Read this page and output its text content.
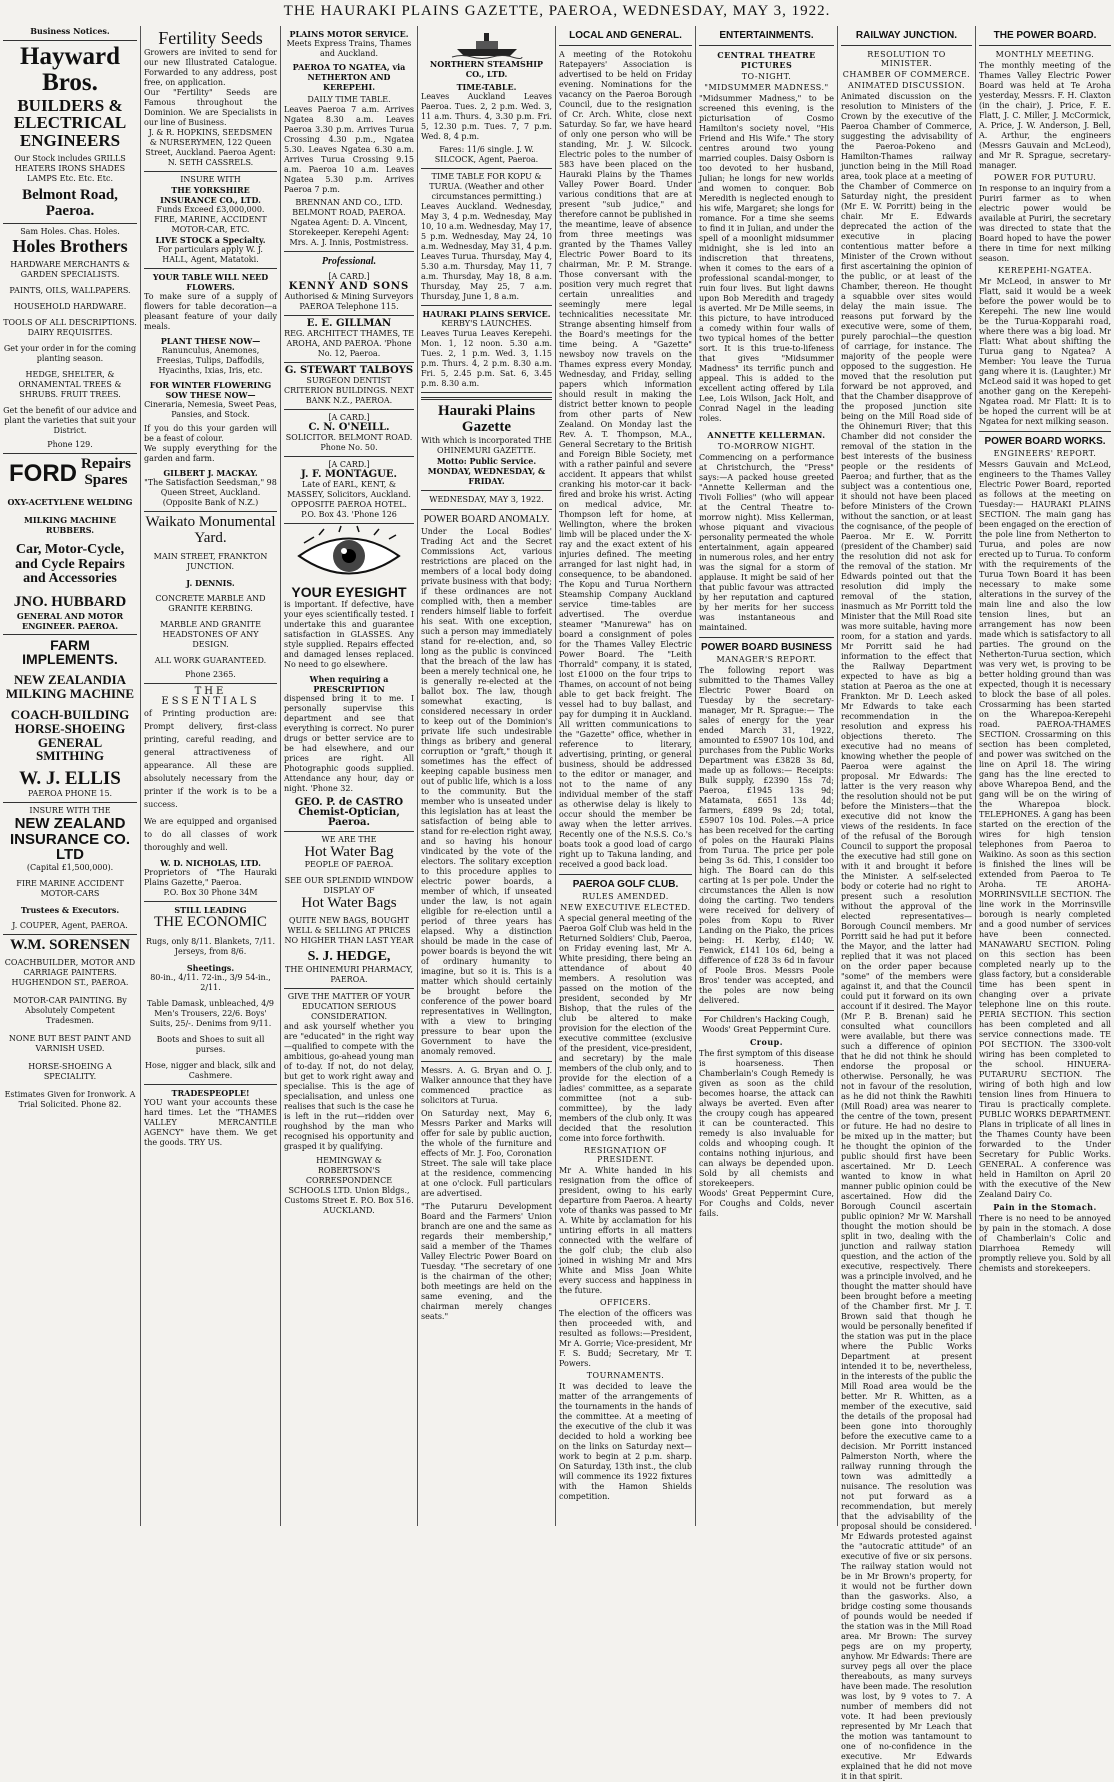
THE HAURAKI PLAINS GAZETTE, PAEROA, WEDNESDAY, MAY 3, 1922.
Business Notices.
Hayward Bros.
BUILDERS &
ELECTRICAL
ENGINEERS
Our Stock includes GRILLS HEATERS IRONS SHADES LAMPS Etc. Etc. Etc.
Belmont Road, Paeroa.
Sam Holes. Chas. Holes.
Holes Brothers
HARDWARE MERCHANTS & GARDEN SPECIALISTS.
PAINTS, OILS, WALLPAPERS.
HOUSEHOLD HARDWARE.
TOOLS OF ALL DESCRIPTIONS. DAIRY REQUISITES.
Get your order in for the coming planting season.
HEDGE, SHELTER, & ORNAMENTAL TREES & SHRUBS. FRUIT TREES.
Get the benefit of our advice and plant the varieties that suit your District.
Phone 129.
FORD Repairs
Spares
OXY-ACETYLENE WELDING
MILKING MACHINE RUBBERS.
Car, Motor-Cycle, and Cycle Repairs and Accessories
JNO. HUBBARD
GENERAL AND MOTOR ENGINEER. PAEROA.
FARM IMPLEMENTS.
NEW ZEALANDIA MILKING MACHINE
COACH-BUILDING HORSE-SHOEING GENERAL SMITHING
W. J. ELLIS
PAEROA PHONE 15.
INSURE WITH THE
NEW ZEALAND INSURANCE CO. LTD
(Capital £1,500,000).
FIRE MARINE ACCIDENT MOTOR-CARS
Trustees & Executors.
J. COUPER, Agent, PAEROA.
W.M. SORENSEN
COACHBUILDER, MOTOR AND CARRIAGE PAINTERS. HUGHENDON ST., PAEROA.
MOTOR-CAR PAINTING. By Absolutely Competent Tradesmen.
NONE BUT BEST PAINT AND VARNISH USED.
HORSE-SHOEING A SPECIALITY.
Estimates Given for Ironwork. A Trial Solicited. Phone 82.
Fertility Seeds
Growers are invited to send for our new Illustrated Catalogue. Forwarded to any address, post free, on application.
Our "Fertility" Seeds are Famous throughout the Dominion. We are Specialists in our line of Business.
J. & R. HOPKINS, SEEDSMEN & NURSERYMEN, 122 Queen Street, Auckland. Paeroa Agent: N. SETH CASSRELS.
INSURE WITH
THE YORKSHIRE INSURANCE CO., LTD.
Funds Exceed £3,000,000.
FIRE, MARINE, ACCIDENT MOTOR-CAR, ETC.
LIVE STOCK a Specialty.
For particulars apply W. J. HALL, Agent, Matatoki.
YOUR TABLE WILL NEED FLOWERS.
To make sure of a supply of flowers for table decoration—a pleasant feature of your daily meals.
PLANT THESE NOW—
Ranunculus, Anemones, Freesias, Tulips, Daffodils, Hyacinths, Ixias, Iris, etc.
FOR WINTER FLOWERING SOW THESE NOW—
Cineraria, Nemesia, Sweet Peas, Pansies, and Stock.
If you do this your garden will be a feast of colour.
We supply everything for the garden and farm.
GILBERT J. MACKAY.
"The Satisfaction Seedsman," 98 Queen Street, Auckland. (Opposite Bank of N.Z.)
Waikato Monumental Yard.
MAIN STREET, FRANKTON JUNCTION.
J. DENNIS.
CONCRETE MARBLE AND GRANITE KERBING.
MARBLE AND GRANITE HEADSTONES OF ANY DESIGN.
ALL WORK GUARANTEED.
Phone 2365.
THE ESSENTIALS
of Printing production are: Prompt delivery, first-class printing, careful reading, and general attractiveness of appearance. All these are absolutely necessary from the printer if the work is to be a success.
We are equipped and organised to do all classes of work thoroughly and well.
W. D. NICHOLAS, LTD.
Proprietors of "The Hauraki Plains Gazette," Paeroa.
P.O. Box 30 Phone 34M
STILL LEADING
THE ECONOMIC
Rugs, only 8/11. Blankets, 7/11. Jerseys, from 8/6.
Sheetings.
80-in., 4/11. 72-in., 3/9 54-in., 2/11.
Table Damask, unbleached, 4/9 Men's Trousers, 22/6. Boys' Suits, 25/-. Denims from 9/11.
Boots and Shoes to suit all purses.
Hose, nigger and black, silk and Cashmere.
TRADESPEOPLE!
YOU want your accounts these hard times. Let the "THAMES VALLEY MERCANTILE AGENCY" have them. We get the goods. TRY US.
PLAINS MOTOR SERVICE.
Meets Express Trains, Thames and Auckland.
PAEROA TO NGATEA, via NETHERTON AND KEREPEHI.
DAILY TIME TABLE.
Leaves Paeroa 7 a.m. Arrives Ngatea 8.30 a.m. Leaves Paeroa 3.30 p.m. Arrives Turua Crossing 4.30 p.m., Ngatea 5.30. Leaves Ngatea 6.30 a.m. Arrives Turua Crossing 9.15 a.m. Paeroa 10 a.m. Leaves Ngatea 5.30 p.m. Arrives Paeroa 7 p.m.
BRENNAN AND CO., LTD. BELMONT ROAD, PAEROA. Ngatea Agent: D. A. Vincent, Storekeeper. Kerepehi Agent: Mrs. A. J. Innis, Postmistress.
Professional.
[A CARD.]
KENNY AND SONS
Authorised & Mining Surveyors PAEROA Telephone 115.
E. E. GILLMAN
REG. ARCHITECT THAMES, TE AROHA, AND PAEROA. 'Phone No. 12, Paeroa.
G. STEWART TALBOYS
SURGEON DENTIST CRITERION BUILDINGS. NEXT BANK N.Z., PAEROA.
[A CARD.]
C. N. O'NEILL.
SOLICITOR. BELMONT ROAD. Phone No. 50.
[A CARD.]
J. F. MONTAGUE.
Late of EARL, KENT, & MASSEY, Solicitors, Auckland. OPPOSITE PAEROA HOTEL. P.O. Box 43. 'Phone 126
YOUR EYESIGHT
is important. If defective, have your eyes scientifically tested. I undertake this and guarantee satisfaction in GLASSES. Any style supplied. Repairs effected and damaged lenses replaced. No need to go elsewhere.
When requiring a PRESCRIPTION
dispensed bring it to me. I personally supervise this department and see that everything is correct. No purer drugs or better service are to be had elsewhere, and our prices are right. All Photographic goods supplied. Attendance any hour, day or night. 'Phone 32.
GEO. P. de CASTRO Chemist-Optician, Paeroa.
WE ARE THE
Hot Water Bag
PEOPLE OF PAEROA.
SEE OUR SPLENDID WINDOW DISPLAY OF
Hot Water Bags
QUITE NEW BAGS, BOUGHT WELL & SELLING AT PRICES NO HIGHER THAN LAST YEAR
S. J. HEDGE,
THE OHINEMURI PHARMACY, PAEROA.
GIVE THE MATTER OF YOUR EDUCATION SERIOUS CONSIDERATION.
and ask yourself whether you are "educated" in the right way—qualified to compete with the ambitious, go-ahead young man of to-day. If not, do not delay, but get to work right away and specialise. This is the age of specialisation, and unless one realises that such is the case he is left in the rut—ridden over roughshod by the man who recognised his opportunity and grasped it by qualifying.
HEMINGWAY & ROBERTSON'S CORRESPONDENCE SCHOOLS LTD. Union Bldgs., Customs Street E. P.O. Box 516. AUCKLAND.
NORTHERN STEAMSHIP CO., LTD.
TIME-TABLE.
Leaves Auckland Leaves Paeroa. Tues. 2, 2 p.m. Wed. 3, 11 a.m. Thurs. 4, 3.30 p.m. Fri. 5, 12.30 p.m. Tues. 7, 7 p.m. Wed. 8, 4 p.m.
Fares: 11/6 single. J. W. SILCOCK, Agent, Paeroa.
TIME TABLE FOR KOPU & TURUA. (Weather and other circumstances permitting.)
Leaves Auckland. Wednesday, May 3, 4 p.m. Wednesday, May 10, 10 a.m. Wednesday, May 17, 5 p.m. Wednesday, May 24, 10 a.m. Wednesday, May 31, 4 p.m. Leaves Turua. Thursday, May 4, 5.30 a.m. Thursday, May 11, 7 a.m. Thursday, May 18, 8 a.m. Thursday, May 25, 7 a.m. Thursday, June 1, 8 a.m.
HAURAKI PLAINS SERVICE.
KERBY'S LAUNCHES.
Leaves Turua Leaves Kerepehi. Mon. 1, 12 noon. 5.30 a.m. Tues. 2, 1 p.m. Wed. 3, 1.15 p.m. Thurs. 4, 2 p.m. 8.30 a.m. Fri. 5, 2.45 p.m. Sat. 6, 3.45 p.m. 8.30 a.m.
Hauraki Plains Gazette
With which is incorporated THE OHINEMURI GAZETTE.
Motto: Public Service.
MONDAY, WEDNESDAY, & FRIDAY.
WEDNESDAY, MAY 3, 1922.
POWER BOARD ANOMALY.
Under the Local Bodies' Trading Act and the Secret Commissions Act, various restrictions are placed on the members of a local body doing private business with that body; if these ordinances are not complied with, then a member renders himself liable to forfeit his seat. With one exception, such a person may immediately stand for re-election, and, so long as the public is convinced that the breach of the law has been a merely technical one, he is generally re-elected at the ballot box. The law, though somewhat exacting, is considered necessary in order to keep out of the Dominion's private life such undesirable things as bribery and general corruption or "graft," though it sometimes has the effect of keeping capable business men out of public life, which is a loss to the community. But the member who is unseated under this legislation has at least the satisfaction of being able to stand for re-election right away, and so having his honour vindicated by the vote of the electors. The solitary exception to this procedure applies to electric power boards, a member of which, if unseated under the law, is not again eligible for re-election until a period of three years has elapsed. Why a distinction should be made in the case of power boards is beyond the wit of ordinary humanity to imagine, but so it is. This is a matter which should certainly be brought before the conference of the power board representatives in Wellington, with a view to bringing pressure to bear upon the Government to have the anomaly removed.
Messrs. A. G. Bryan and O. J. Walker announce that they have commenced practice as solicitors at Turua.
On Saturday next, May 6, Messrs Parker and Marks will offer for sale by public auction, the whole of the furniture and effects of Mr. J. Foo, Coronation Street. The sale will take place at the residence, commencing at one o'clock. Full particulars are advertised.
"The Putaruru Development Board and the Farmers' Union branch are one and the same as regards their membership," said a member of the Thames Valley Electric Power Board on Tuesday. "The secretary of one is the chairman of the other; both meetings are held on the same evening, and the chairman merely changes seats."
LOCAL AND GENERAL.
A meeting of the Rotokohu Ratepayers' Association is advertised to be held on Friday evening. Nominations for the vacancy on the Paeroa Borough Council, due to the resignation of Cr. Arch. White, close next Saturday. So far, we have heard of only one person who will be standing, Mr. J. W. Silcock. Electric poles to the number of 583 have been placed on the Hauraki Plains by the Thames Valley Power Board. Under various conditions that are at present "sub judice," and therefore cannot be published in the meantime, leave of absence from three meetings was granted by the Thames Valley Electric Power Board to its chairman, Mr. P. M. Strange. Those conversant with the position very much regret that certain unrealities and seemingly mere legal technicalities necessitate Mr. Strange absenting himself from the Board's meetings for the time being. A "Gazette" newsboy now travels on the Thames express every Monday, Wednesday, and Friday, selling papers which information should result in making the district better known to people from other parts of New Zealand. On Monday last the Rev. A. T. Thompson, M.A., General Secretary to the British and Foreign Bible Society, met with a rather painful and severe accident. It appears that whilst cranking his motor-car it back-fired and broke his wrist. Acting on medical advice, Mr. Thompson left for home, at Wellington, where the broken limb will be placed under the X-ray and the exact extent of his injuries defined. The meeting arranged for last night had, in consequence, to be abandoned. The Kopu and Turua Northern Steamship Company Auckland service time-tables are advertised. The overdue steamer "Manurewa" has on board a consignment of poles for the Thames Valley Electric Power Board. The "Leith Thorrald" company, it is stated, lost £1000 on the four trips to Thames, on account of not being able to get back freight. The vessel had to buy ballast, and pay for dumping it in Auckland. All written communications to the "Gazette" office, whether in reference to literary, advertising, printing, or general business, should be addressed to the editor or manager, and not to the name of any individual member of the staff as otherwise delay is likely to occur should the member be away when the letter arrives. Recently one of the N.S.S. Co.'s boats took a good load of cargo right up to Takuna landing, and received a good back load.
PAEROA GOLF CLUB.
RULES AMENDED.
NEW EXECUTIVE ELECTED.
A special general meeting of the Paeroa Golf Club was held in the Returned Soldiers' Club, Paeroa, on Friday evening last, Mr A. White presiding, there being an attendance of about 40 members. A resolution was passed on the motion of the president, seconded by Mr Bishop, that the rules of the club be altered to make provision for the election of the executive committee (exclusive of the president, vice-president, and secretary) by the male members of the club only, and to provide for the election of a ladies' committee, as a separate committee (not a sub-committee), by the lady members of the club only. It was decided that the resolution come into force forthwith.
RESIGNATION OF PRESIDENT.
Mr A. White handed in his resignation from the office of president, owing to his early departure from Paeroa. A hearty vote of thanks was passed to Mr A. White by acclamation for his untiring efforts in all matters connected with the welfare of the golf club; the club also joined in wishing Mr and Mrs White and Miss Joan White every success and happiness in the future.
OFFICERS.
The election of the officers was then proceeded with, and resulted as follows:—President, Mr A. Gorrie; Vice-president, Mr F. S. Budd; Secretary, Mr T. Powers.
TOURNAMENTS.
It was decided to leave the matter of the arrangements of the tournaments in the hands of the committee. At a meeting of the executive of the club it was decided to hold a working bee on the links on Saturday next—work to begin at 2 p.m. sharp. On Saturday, 13th inst., the club will commence its 1922 fixtures with the Hamon Shields competition.
ENTERTAINMENTS.
CENTRAL THEATRE PICTURES
TO-NIGHT.
"MIDSUMMER MADNESS."
"Midsummer Madness," to be screened this evening, is the picturisation of Cosmo Hamilton's society novel, "His Friend and His Wife." The story centres around two young married couples. Daisy Osborn is too devoted to her husband, Julian; he longs for new worlds and women to conquer. Bob Meredith is neglected enough to his wife, Margaret; she longs for romance. For a time she seems to find it in Julian, and under the spell of a moonlight midsummer midnight, she is led into an indiscretion that threatens, when it comes to the ears of a professional scandal-monger, to ruin four lives. But light dawns upon Bob Meredith and tragedy is averted. Mr De Mille seems, in this picture, to have introduced a comedy within four walls of two typical homes of the better sort. It is this true-to-lifeness that gives "Midsummer Madness" its terrific punch and appeal. This is added to the excellent acting offered by Lila Lee, Lois Wilson, Jack Holt, and Conrad Nagel in the leading roles.
ANNETTE KELLERMAN.
TO-MORROW NIGHT.
Commencing on a performance at Christchurch, the "Press" says:—A packed house greeted "Annette Kellerman and the Tivoli Follies" (who will appear at the Central Theatre to-morrow night). Miss Kellerman, whose piquant and vivacious personality permeated the whole entertainment, again appeared in numerous roles, and her entry was the signal for a storm of applause. It might be said of her that public favour was attracted by her reputation and captured by her merits for her success was instantaneous and maintained.
POWER BOARD BUSINESS
MANAGER'S REPORT.
The following report was submitted to the Thames Valley Electric Power Board on Tuesday by the secretary-manager, Mr R. Sprague:— The sales of energy for the year ended March 31, 1922, amounted to £5907 10s 10d, and purchases from the Public Works Department was £3828 3s 8d, made up as follows:— Receipts: Bulk supply, £2390 15s 7d; Paeroa, £1945 13s 9d; Matamata, £651 13s 4d; farmers, £899 9s 2d; total, £5907 10s 10d. Poles.—A price has been received for the carting of poles on the Hauraki Plains from Turua. The price per pole being 3s 6d. This, I consider too high. The Board can do this carting at 1s per pole. Under the circumstances the Allen is now doing the carting. Two tenders were received for delivery of poles from Kopu to River Landing on the Piako, the prices being: H. Kerby, £140; W. Fenwick, £141 10s 6d, being a difference of £28 3s 6d in favour of Poole Bros. Messrs Poole Bros' tender was accepted, and the poles are now being delivered.
For Children's Hacking Cough, Woods' Great Peppermint Cure.
Croup.
The first symptom of this disease is hoarseness. Then Chamberlain's Cough Remedy is given as soon as the child becomes hoarse, the attack can always be averted. Even after the croupy cough has appeared it can be counteracted. This remedy is also invaluable for colds and whooping cough. It contains nothing injurious, and can always be depended upon. Sold by all chemists and storekeepers.
Woods' Great Peppermint Cure, For Coughs and Colds, never fails.
RAILWAY JUNCTION.
RESOLUTION TO MINISTER.
CHAMBER OF COMMERCE.
ANIMATED DISCUSSION.
Animated discussion on the resolution to Ministers of the Crown by the executive of the Paeroa Chamber of Commerce, suggesting the advisability of the Paeroa-Pokeno and Hamilton-Thames railway junction being in the Mill Road area, took place at a meeting of the Chamber of Commerce on Saturday night, the president (Mr E. W. Porritt) being in the chair. Mr E. Edwards deprecated the action of the executive in placing contentious matter before a Minister of the Crown without first ascertaining the opinion of the public, or at least of the Chamber, thereon. He thought a squabble over sites would delay the main issue. The reasons put forward by the executive were, some of them, purely parochial—the question of carriage, for instance. The majority of the people were opposed to the suggestion. He moved that the resolution put forward be not approved, and that the Chamber disapprove of the proposed junction site being on the Mill Road side of the Ohinemuri River; that this Chamber did not consider the removal of the station in the best interests of the business people or the residents of Paeroa; and further, that as the subject was a contentious one, it should not have been placed before Ministers of the Crown without the sanction, or at least the cognisance, of the people of Paeroa. Mr E. W. Porritt (president of the Chamber) said the resolution did not ask for the removal of the station. Mr Edwards pointed out that the resolution did imply the removal of the station, inasmuch as Mr Porritt told the Minister that the Mill Road site was more suitable, having more room, for a station and yards. Mr Porritt said he had information to the effect that the Railway Department expected to have as big a station at Paeroa as the one at Frankton. Mr D. Leech asked Mr Edwards to take each recommendation in the resolution and express his objections thereto. The executive had no means of knowing whether the people of Paeroa were against the proposal. Mr Edwards: The latter is the very reason why the resolution should not be put before the Ministers—that the executive did not know the views of the residents. In face of the refusal of the Borough Council to support the proposal the executive had still gone on with it and brought it before the Minister. A self-selected body or coterie had no right to present such a resolution without the approval of the elected representatives—Borough Council members. Mr Porritt said he had put it before the Mayor, and the latter had replied that it was not placed on the order paper because "some" of the members were against it, and that the Council could put it forward on its own account if it desired. The Mayor (Mr P. B. Brenan) said he consulted what councillors were available, but there was such a difference of opinion that he did not think he should endorse the proposal or otherwise. Personally, he was not in favour of the resolution, as he did not think the Rawhiti (Mill Road) area was nearer to the centre of the town, present or future. He had no desire to be mixed up in the matter; but he thought the opinion of the public should first have been ascertained. Mr D. Leech wanted to know in what manner public opinion could be ascertained. How did the Borough Council ascertain public opinion? Mr W. Marshall thought the motion should be split in two, dealing with the junction and railway station question, and the action of the executive, respectively. There was a principle involved, and he thought the matter should have been brought before a meeting of the Chamber first. Mr J. T. Brown said that though he would be personally benefited if the station was put in the place where the Public Works Department at present intended it to be, nevertheless, in the interests of the public the Mill Road area would be the better. Mr R. Whitten, as a member of the executive, said the details of the proposal had been gone into thoroughly before the executive came to a decision. Mr Porritt instanced Palmerston North, where the railway running through the town was admittedly a nuisance. The resolution was not put forward as a recommendation, but merely that the advisability of the proposal should be considered. Mr Edwards protested against the "autocratic attitude" of an executive of five or six persons. The railway station would not be in Mr Brown's property, for it would not be further down than the gasworks. Also, a bridge costing some thousands of pounds would be needed if the station was in the Mill Road area. Mr Brown: The survey pegs are on my property, anyhow. Mr Edwards: There are survey pegs all over the place thereabouts, as many surveys have been made. The resolution was lost, by 9 votes to 7. A number of members did not vote. It had been previously represented by Mr Leach that the motion was tantamount to one of no-confidence in the executive. Mr Edwards explained that he did not move it in that spirit.
THE POWER BOARD.
MONTHLY MEETING.
The monthly meeting of the Thames Valley Electric Power Board was held at Te Aroha yesterday, Messrs. F. H. Claxton (in the chair), J. Price, F. E. Flatt, J. C. Miller, J. McCormick, A. Price, J. W. Anderson, J. Bell, A. Arthur, the engineers (Messrs Gauvain and McLeod), and Mr R. Sprague, secretary-manager.
POWER FOR PUTURU.
In response to an inquiry from a Puriri farmer as to when electric power would be available at Puriri, the secretary was directed to state that the Board hoped to have the power there in time for next milking season.
KEREPEHI-NGATEA.
Mr McLeod, in answer to Mr Flatt, said it would be a week before the power would be to Kerepehi. The new line would be the Turua-Kopparahi road, where there was a big load. Mr Flatt: What about shifting the Turua gang to Ngatea? A Member: You leave the Turua gang where it is. (Laughter.) Mr McLeod said it was hoped to get another gang on the Kerepehi-Ngatea road. Mr Flatt: It is to be hoped the current will be at Ngatea for next milking season.
POWER BOARD WORKS.
ENGINEERS' REPORT.
Messrs Gauvain and McLeod, engineers to the Thames Valley Electric Power Board, reported as follows at the meeting on Tuesday:— HAURAKI PLAINS SECTION. The main gang has been engaged on the erection of the pole line from Netherton to Turua, and poles are now erected up to Turua. To conform with the requirements of the Turua Town Board it has been necessary to make some alterations in the survey of the main line and also the low tension lines, but an arrangement has now been made which is satisfactory to all parties. The ground on the Netherton-Turua section, which was very wet, is proving to be better holding ground than was expected, though it is necessary to block the base of all poles. Crossarming has been started on the Wharepoa-Kerepehi road. PAEROA-THAMES SECTION. Crossarming on this section has been completed, and power was switched on the line on April 18. The wiring gang has the line erected to above Wharepoa Bend, and the gang will be on the wiring of the Wharepoa block. TELEPHONES. A gang has been started on the erection of the wires for high tension telephones from Paeroa to Waikino. As soon as this section is finished the lines will be extended from Paeroa to Te Aroha. TE AROHA-MORRINSVILLE SECTION. The line work in the Morrinsville borough is nearly completed and a good number of services have been connected. MANAWARU SECTION. Poling on this section has been completed nearly up to the glass factory, but a considerable time has been spent in changing over a private telephone line on this route. PERIA SECTION. This section has been completed and all service connections made. TE POI SECTION. The 3300-volt wiring has been completed to the school. HINUERA-PUTARURU SECTION. The wiring of both high and low tension lines from Hinuera to Tirau is practically complete. PUBLIC WORKS DEPARTMENT. Plans in triplicate of all lines in the Thames County have been forwarded to the Under Secretary for Public Works. GENERAL. A conference was held in Hamilton on April 20 with the executive of the New Zealand Dairy Co.
Pain in the Stomach.
There is no need to be annoyed by pain in the stomach. A dose of Chamberlain's Colic and Diarrhoea Remedy will promptly relieve you. Sold by all chemists and storekeepers.
